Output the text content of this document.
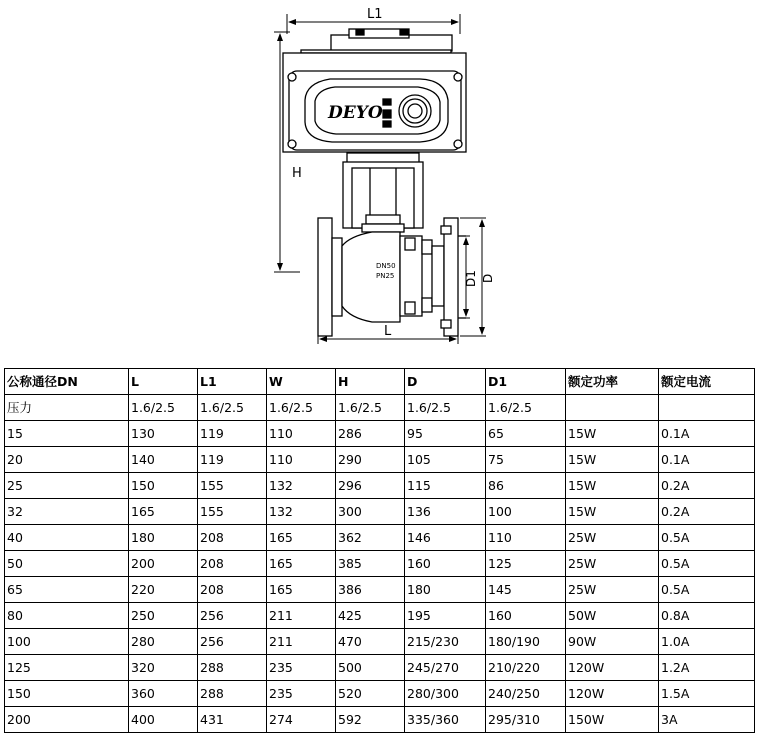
L1
DEYO
H
DN50
PN25	D1 D
L
公称通径DN	L	L1	W	H	D	D1	额定功率	额定电流
压力	1.6/2.5	1.6/2.5	1.6/2.5	1.6/2.5	1.6/2.5	1.6/2.5		
15	130	119	110	286	95	65	15W	0.1A
20	140	119	110	290	105	75	15W	0.1A
25	150	155	132	296	115	86	15W	0.2A
32	165	155	132	300	136	100	15W	0.2A
40	180	208	165	362	146	110	25W	0.5A
50	200	208	165	385	160	125	25W	0.5A
65	220	208	165	386	180	145	25W	0.5A
80	250	256	211	425	195	160	50W	0.8A
100	280	256	211	470	215/230	180/190	90W	1.0A
125	320	288	235	500	245/270	210/220	120W	1.2A
150	360	288	235	520	280/300	240/250	120W	1.5A
200	400	431	274	592	335/360	295/310	150W	3A
